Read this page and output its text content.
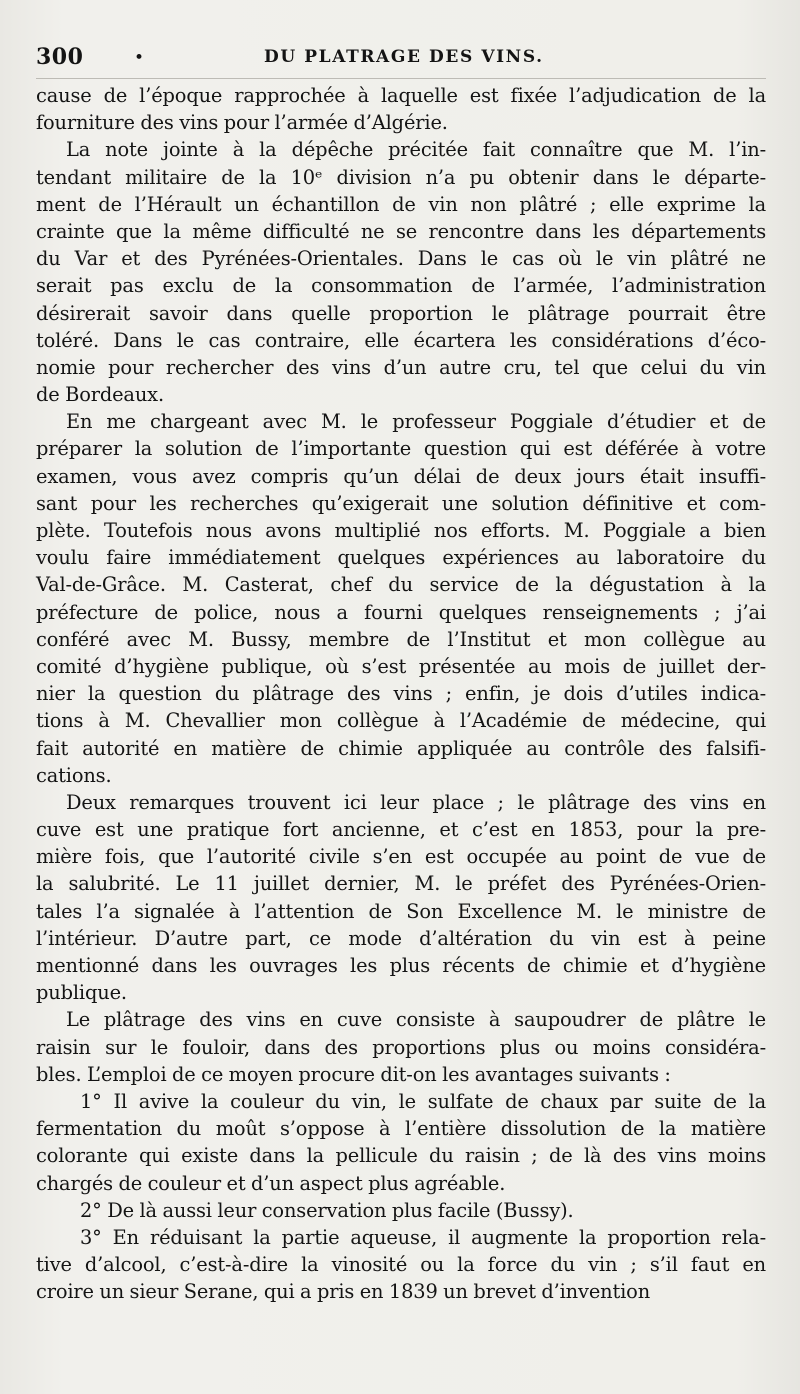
300	•	DU PLATRAGE DES VINS.
cause de l’époque rapprochée à laquelle est fixée l’adjudication de la
fourniture des vins pour l’armée d’Algérie.
La note jointe à la dépêche précitée fait connaître que M. l’in-
tendant militaire de la 10ᵉ division n’a pu obtenir dans le départe-
ment de l’Hérault un échantillon de vin non plâtré ; elle exprime la
crainte que la même difficulté ne se rencontre dans les départements
du Var et des Pyrénées-Orientales. Dans le cas où le vin plâtré ne
serait pas exclu de la consommation de l’armée, l’administration
désirerait savoir dans quelle proportion le plâtrage pourrait être
toléré. Dans le cas contraire, elle écartera les considérations d’éco-
nomie pour rechercher des vins d’un autre cru, tel que celui du vin
de Bordeaux.
En me chargeant avec M. le professeur Poggiale d’étudier et de
préparer la solution de l’importante question qui est déférée à votre
examen, vous avez compris qu’un délai de deux jours était insuffi-
sant pour les recherches qu’exigerait une solution définitive et com-
plète. Toutefois nous avons multiplié nos efforts. M. Poggiale a bien
voulu faire immédiatement quelques expériences au laboratoire du
Val-de-Grâce. M. Casterat, chef du service de la dégustation à la
préfecture de police, nous a fourni quelques renseignements ; j’ai
conféré avec M. Bussy, membre de l’Institut et mon collègue au
comité d’hygiène publique, où s’est présentée au mois de juillet der-
nier la question du plâtrage des vins ; enfin, je dois d’utiles indica-
tions à M. Chevallier mon collègue à l’Académie de médecine, qui
fait autorité en matière de chimie appliquée au contrôle des falsifi-
cations.
Deux remarques trouvent ici leur place ; le plâtrage des vins en
cuve est une pratique fort ancienne, et c’est en 1853, pour la pre-
mière fois, que l’autorité civile s’en est occupée au point de vue de
la salubrité. Le 11 juillet dernier, M. le préfet des Pyrénées-Orien-
tales l’a signalée à l’attention de Son Excellence M. le ministre de
l’intérieur. D’autre part, ce mode d’altération du vin est à peine
mentionné dans les ouvrages les plus récents de chimie et d’hygiène
publique.
Le plâtrage des vins en cuve consiste à saupoudrer de plâtre le
raisin sur le fouloir, dans des proportions plus ou moins considéra-
bles. L’emploi de ce moyen procure dit-on les avantages suivants :
1° Il avive la couleur du vin, le sulfate de chaux par suite de la
fermentation du moût s’oppose à l’entière dissolution de la matière
colorante qui existe dans la pellicule du raisin ; de là des vins moins
chargés de couleur et d’un aspect plus agréable.
2° De là aussi leur conservation plus facile (Bussy).
3° En réduisant la partie aqueuse, il augmente la proportion rela-
tive d’alcool, c’est-à-dire la vinosité ou la force du vin ; s’il faut en
croire un sieur Serane, qui a pris en 1839 un brevet d’invention
